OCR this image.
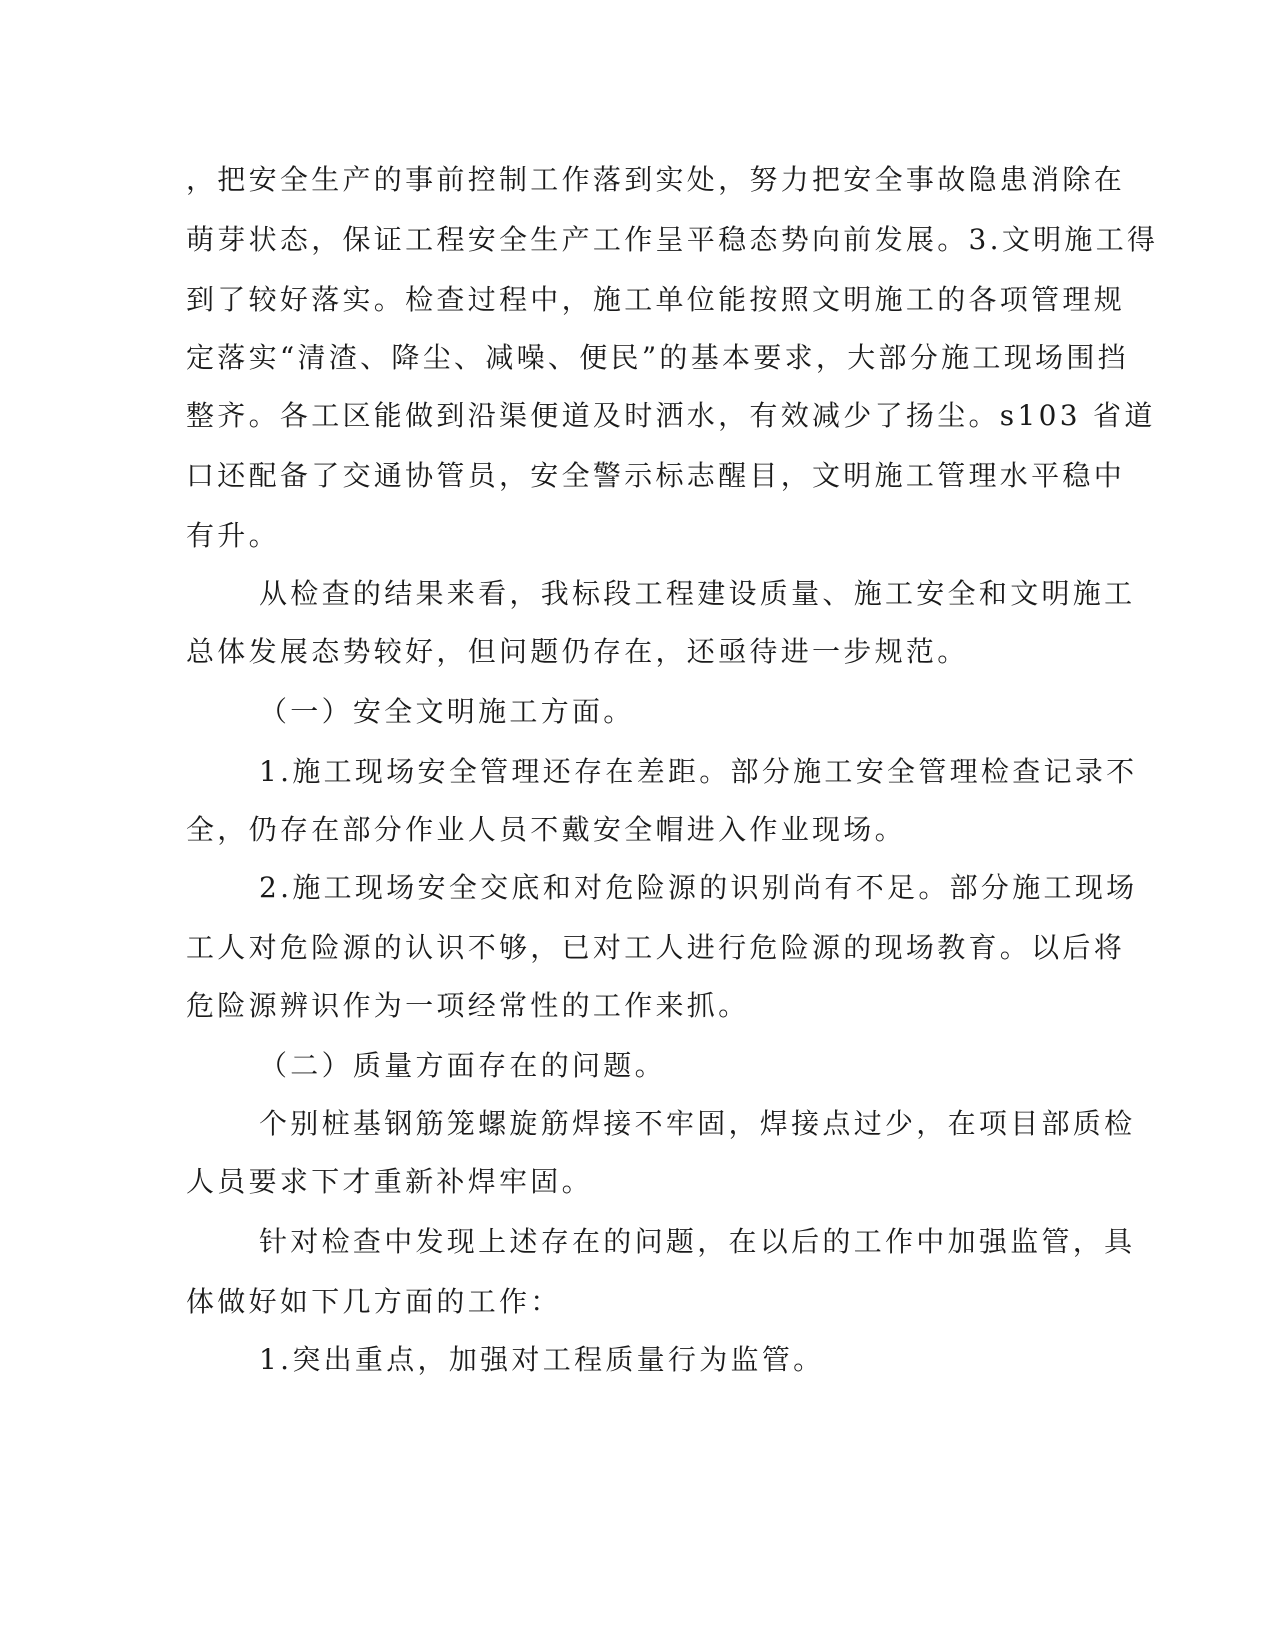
，把安全生产的事前控制工作落到实处，努力把安全事故隐患消除在
萌芽状态，保证工程安全生产工作呈平稳态势向前发展。3.文明施工得
到了较好落实。检查过程中，施工单位能按照文明施工的各项管理规
定落实“清渣、降尘、减噪、便民”的基本要求，大部分施工现场围挡
整齐。各工区能做到沿渠便道及时洒水，有效减少了扬尘。s103 省道
口还配备了交通协管员，安全警示标志醒目，文明施工管理水平稳中
有升。
从检查的结果来看，我标段工程建设质量、施工安全和文明施工
总体发展态势较好，但问题仍存在，还亟待进一步规范。
（一）安全文明施工方面。
1.施工现场安全管理还存在差距。部分施工安全管理检查记录不
全，仍存在部分作业人员不戴安全帽进入作业现场。
2.施工现场安全交底和对危险源的识别尚有不足。部分施工现场
工人对危险源的认识不够，已对工人进行危险源的现场教育。以后将
危险源辨识作为一项经常性的工作来抓。
（二）质量方面存在的问题。
个别桩基钢筋笼螺旋筋焊接不牢固，焊接点过少，在项目部质检
人员要求下才重新补焊牢固。
针对检查中发现上述存在的问题，在以后的工作中加强监管，具
体做好如下几方面的工作：
1.突出重点，加强对工程质量行为监管。
